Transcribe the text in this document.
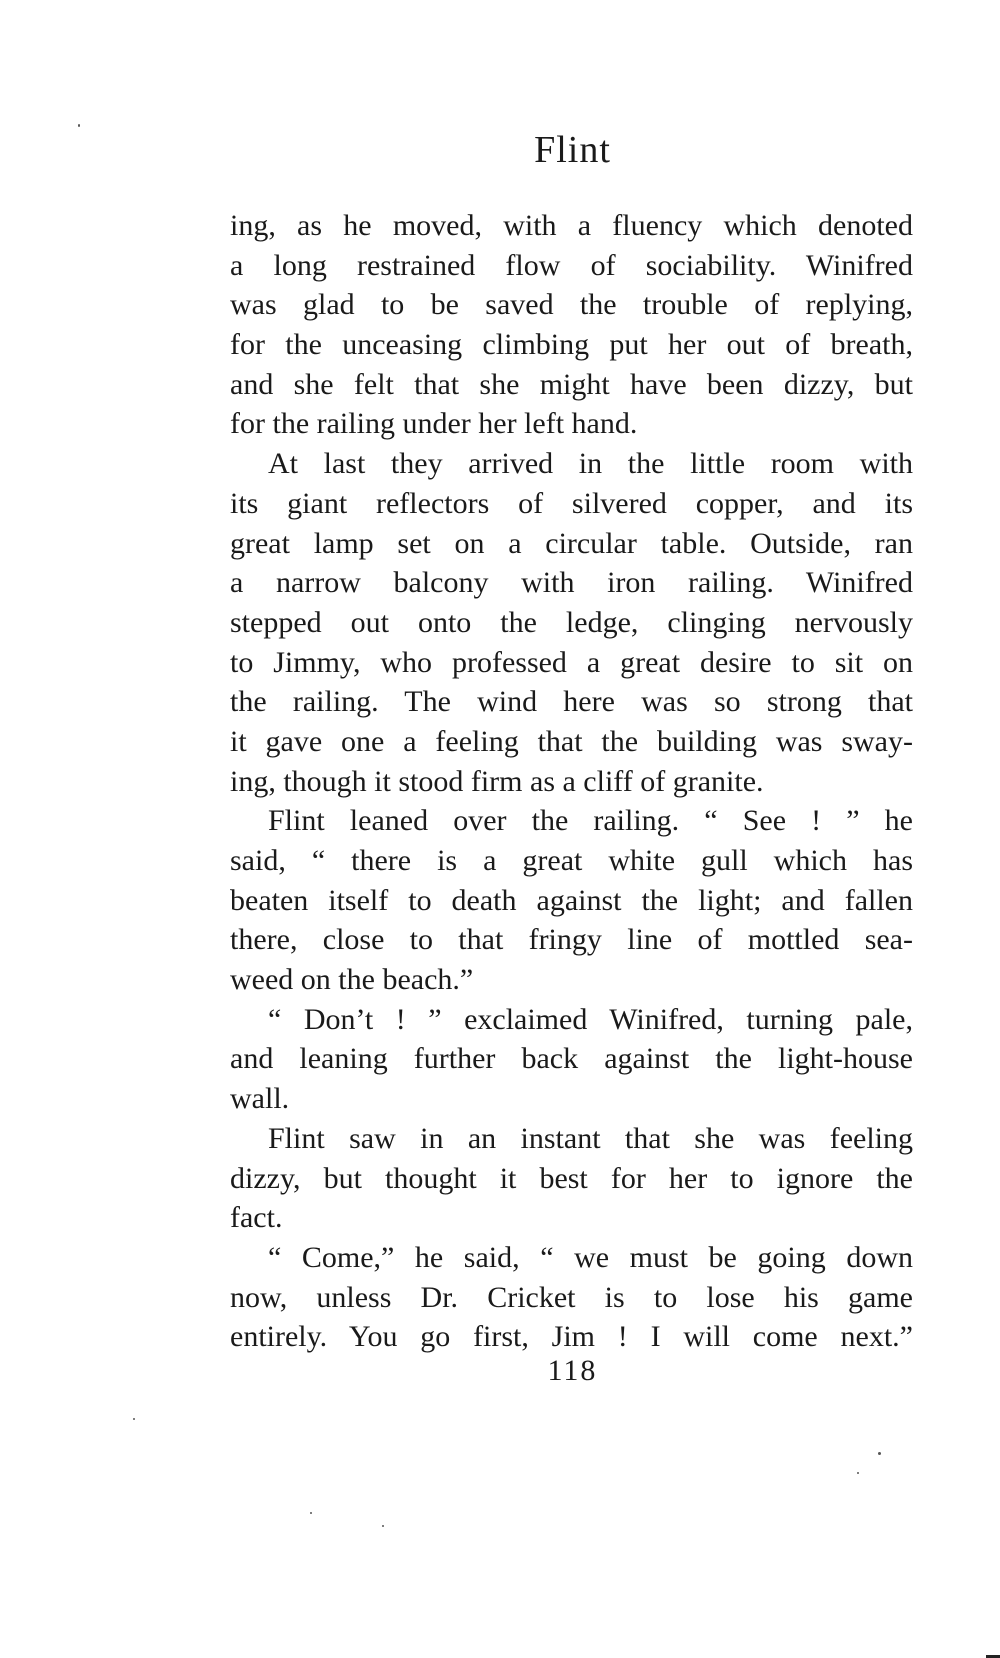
Flint
ing, as he moved, with a fluency which denoted
a long restrained flow of sociability. Winifred
was glad to be saved the trouble of replying,
for the unceasing climbing put her out of breath,
and she felt that she might have been dizzy, but
for the railing under her left hand.
At last they arrived in the little room with
its giant reflectors of silvered copper, and its
great lamp set on a circular table. Outside, ran
a narrow balcony with iron railing. Winifred
stepped out onto the ledge, clinging nervously
to Jimmy, who professed a great desire to sit on
the railing. The wind here was so strong that
it gave one a feeling that the building was sway-
ing, though it stood firm as a cliff of granite.
Flint leaned over the railing. “ See ! ” he
said, “ there is a great white gull which has
beaten itself to death against the light; and fallen
there, close to that fringy line of mottled sea-
weed on the beach.”
“ Don’t ! ” exclaimed Winifred, turning pale,
and leaning further back against the light-house
wall.
Flint saw in an instant that she was feeling
dizzy, but thought it best for her to ignore the
fact.
“ Come,” he said, “ we must be going down
now, unless Dr. Cricket is to lose his game
entirely. You go first, Jim ! I will come next.”
118
